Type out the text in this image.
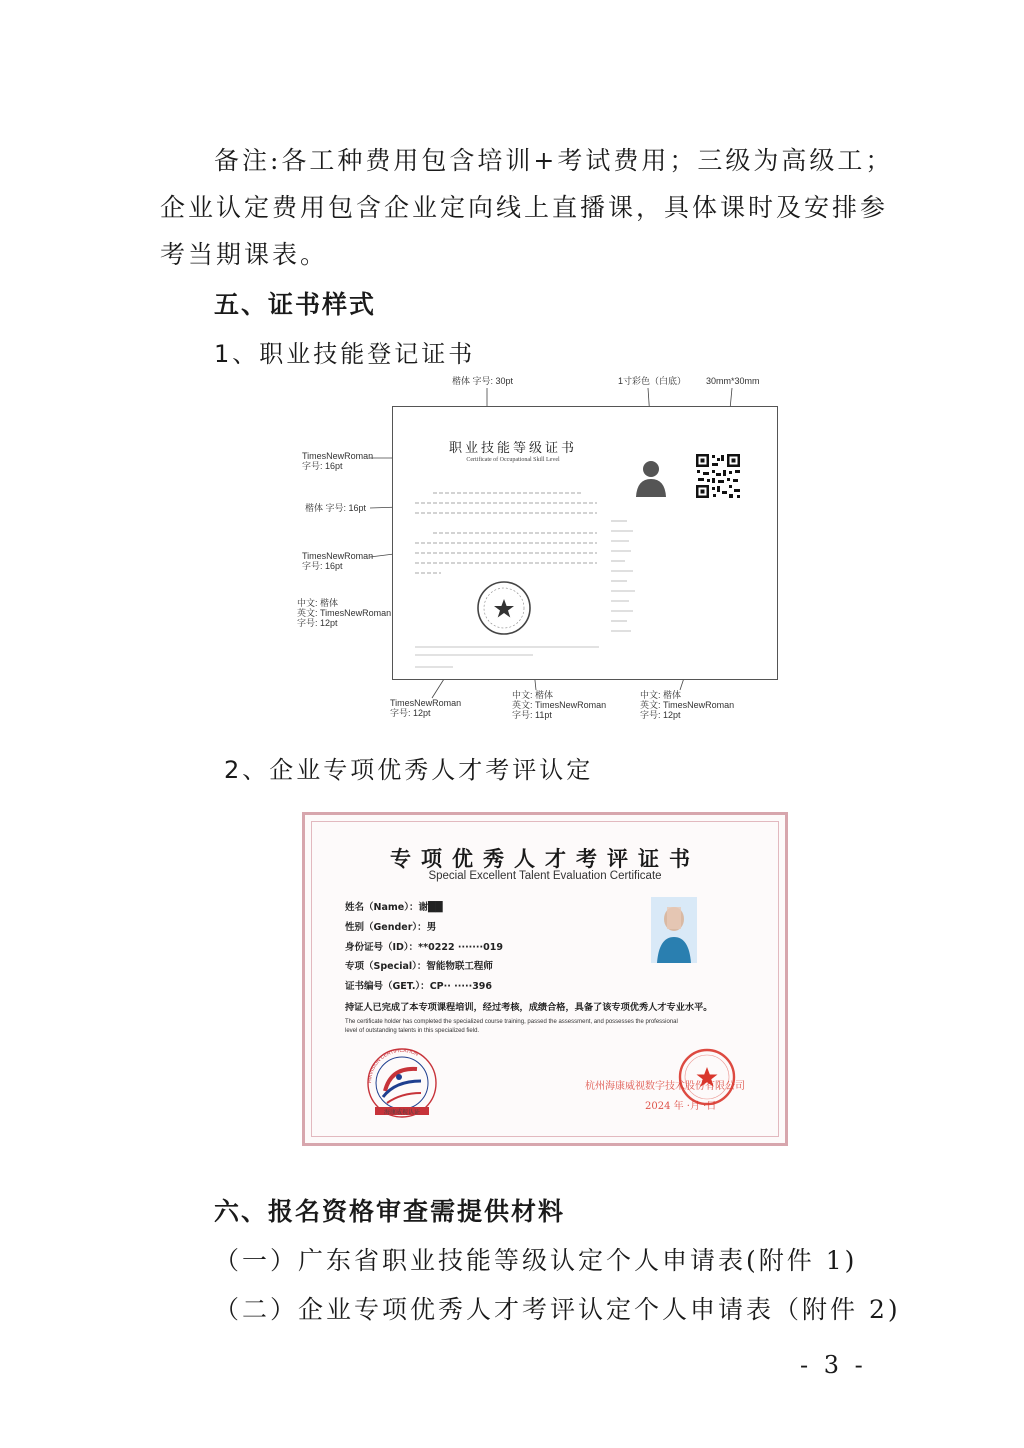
备注:各工种费用包含培训+考试费用；三级为高级工；
企业认定费用包含企业定向线上直播课，具体课时及安排参
考当期课表。
五、证书样式
1、职业技能登记证书
楷体 字号: 30pt	1寸彩色（白底） 30mm*30mm
TimesNewRoman
字号: 16pt
楷体 字号: 16pt
TimesNewRoman
字号: 16pt
中文: 楷体
英文: TimesNewRoman
字号: 12pt
TimesNewRoman
字号: 12pt
中文: 楷体
英文: TimesNewRoman
字号: 11pt
中文: 楷体
英文: TimesNewRoman
字号: 12pt
职业技能等级证书
Certificate of Occupational Skill Level
2、企业专项优秀人才考评认定
专项优秀人才考评证书
Special Excellent Talent Evaluation Certificate
姓名（Name）：谢██
性别（Gender）：男
身份证号（ID）：**0222 ·······019
专项（Special）：智能物联工程师
证书编号（GET.）：CP·· ·····396
持证人已完成了本专项课程培训，经过考核，成绩合格，具备了该专项优秀人才专业水平。
The certificate holder has completed the specialized course training, passed the assessment, and possesses the professional
level of outstanding talents in this specialized field.
HIKVISION CERTIFICATION
海康威视认证
杭州海康威视数字技术股份有限公司
2024 年 ·月 ·日
六、报名资格审查需提供材料
（一）广东省职业技能等级认定个人申请表(附件 1)
（二）企业专项优秀人才考评认定个人申请表（附件 2)
- 3 -
